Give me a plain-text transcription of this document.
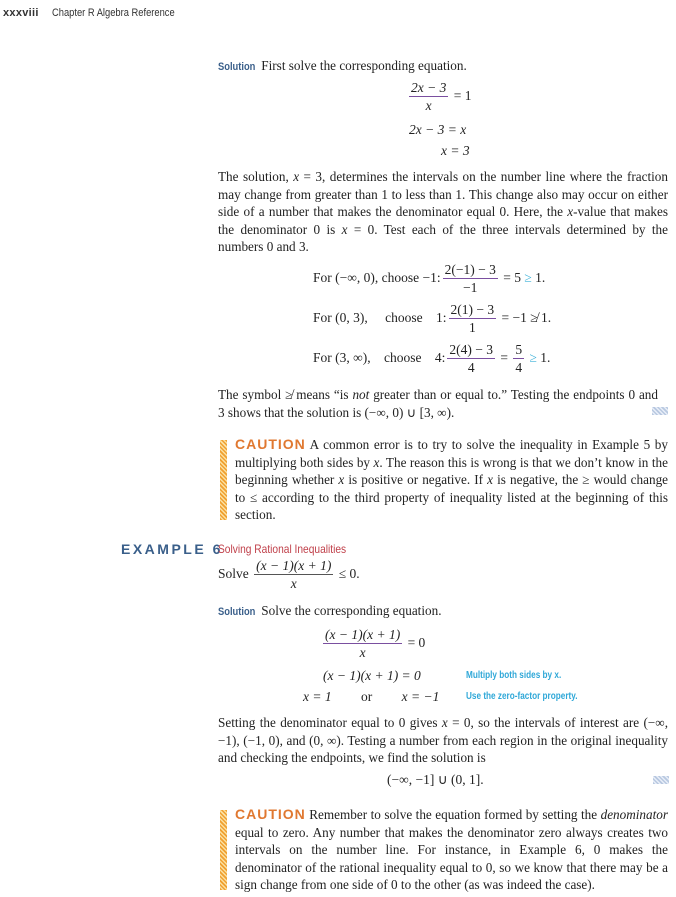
xxxviii Chapter R Algebra Reference
Solution First solve the corresponding equation.
$\frac{2x - 3}{x} = 1$
2x − 3 = x
x = 3
The solution, x = 3, determines the intervals on the number line where the fraction may change from greater than 1 to less than 1. This change also may occur on either side of a number that makes the denominator equal 0. Here, the x-value that makes the denominator 0 is x = 0. Test each of the three intervals determined by the numbers 0 and 3.
For (−∞, 0), choose −1: $\frac{2(-1) - 3}{-1} = 5 \ge 1$.
For (0, 3), choose 1: $\frac{2(1) - 3}{1} = -1$ ≱ 1.
For (3, ∞), choose 4: $\frac{2(4) - 3}{4} = \frac{5}{4} \ge 1$.
The symbol ≱ means “is not greater than or equal to.” Testing the endpoints 0 and 3 shows that the solution is (−∞, 0) ∪ [3, ∞).
CAUTION A common error is to try to solve the inequality in Example 5 by multiplying both sides by x. The reason this is wrong is that we don’t know in the beginning whether x is positive or negative. If x is negative, the ≥ would change to ≤ according to the third property of inequality listed at the beginning of this section.
EXAMPLE 6
Solving Rational Inequalities
Solve $\frac{(x - 1)(x + 1)}{x} \le 0$.
Solution Solve the corresponding equation.
$\frac{(x - 1)(x + 1)}{x} = 0$
(x − 1)(x + 1) = 0	Multiply both sides by x.
x = 1 or x = −1	Use the zero-factor property.
Setting the denominator equal to 0 gives x = 0, so the intervals of interest are (−∞, −1), (−1, 0), and (0, ∞). Testing a number from each region in the original inequality and checking the endpoints, we find the solution is
(−∞, −1] ∪ (0, 1].
CAUTION Remember to solve the equation formed by setting the denominator equal to zero. Any number that makes the denominator zero always creates two intervals on the number line. For instance, in Example 6, 0 makes the denominator of the rational inequality equal to 0, so we know that there may be a sign change from one side of 0 to the other (as was indeed the case).
